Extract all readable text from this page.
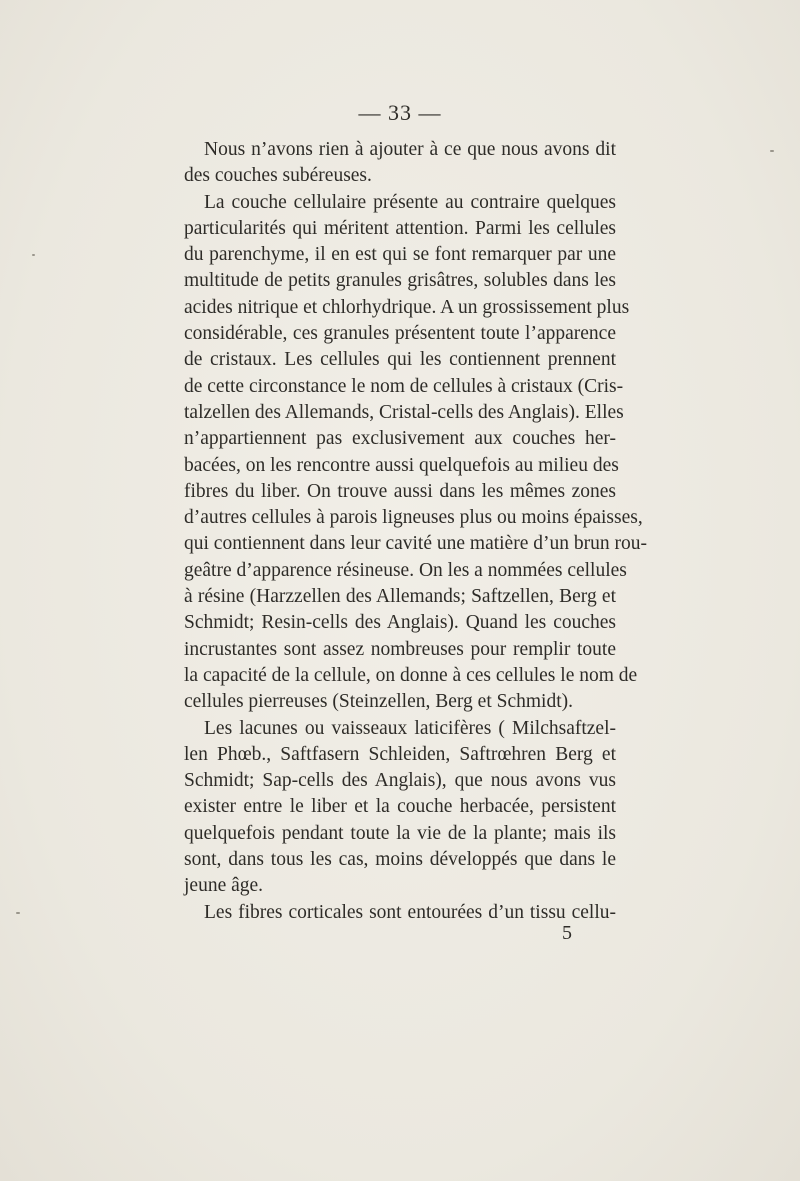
— 33 —
Nous n’avons rien à ajouter à ce que nous avons dit
des couches subéreuses.
La couche cellulaire présente au contraire quelques
particularités qui méritent attention. Parmi les cellules
du parenchyme, il en est qui se font remarquer par une
multitude de petits granules grisâtres, solubles dans les
acides nitrique et chlorhydrique. A un grossissement plus
considérable, ces granules présentent toute l’apparence
de cristaux. Les cellules qui les contiennent prennent
de cette circonstance le nom de cellules à cristaux (Cris-
talzellen des Allemands, Cristal-cells des Anglais). Elles
n’appartiennent pas exclusivement aux couches her-
bacées, on les rencontre aussi quelquefois au milieu des
fibres du liber. On trouve aussi dans les mêmes zones
d’autres cellules à parois ligneuses plus ou moins épaisses,
qui contiennent dans leur cavité une matière d’un brun rou-
geâtre d’apparence résineuse. On les a nommées cellules
à résine (Harzzellen des Allemands; Saftzellen, Berg et
Schmidt; Resin-cells des Anglais). Quand les couches
incrustantes sont assez nombreuses pour remplir toute
la capacité de la cellule, on donne à ces cellules le nom de
cellules pierreuses (Steinzellen, Berg et Schmidt).
Les lacunes ou vaisseaux laticifères ( Milchsaftzel-
len Phœb., Saftfasern Schleiden, Saftrœhren Berg et
Schmidt; Sap-cells des Anglais), que nous avons vus
exister entre le liber et la couche herbacée, persistent
quelquefois pendant toute la vie de la plante; mais ils
sont, dans tous les cas, moins développés que dans le
jeune âge.
Les fibres corticales sont entourées d’un tissu cellu-
5
